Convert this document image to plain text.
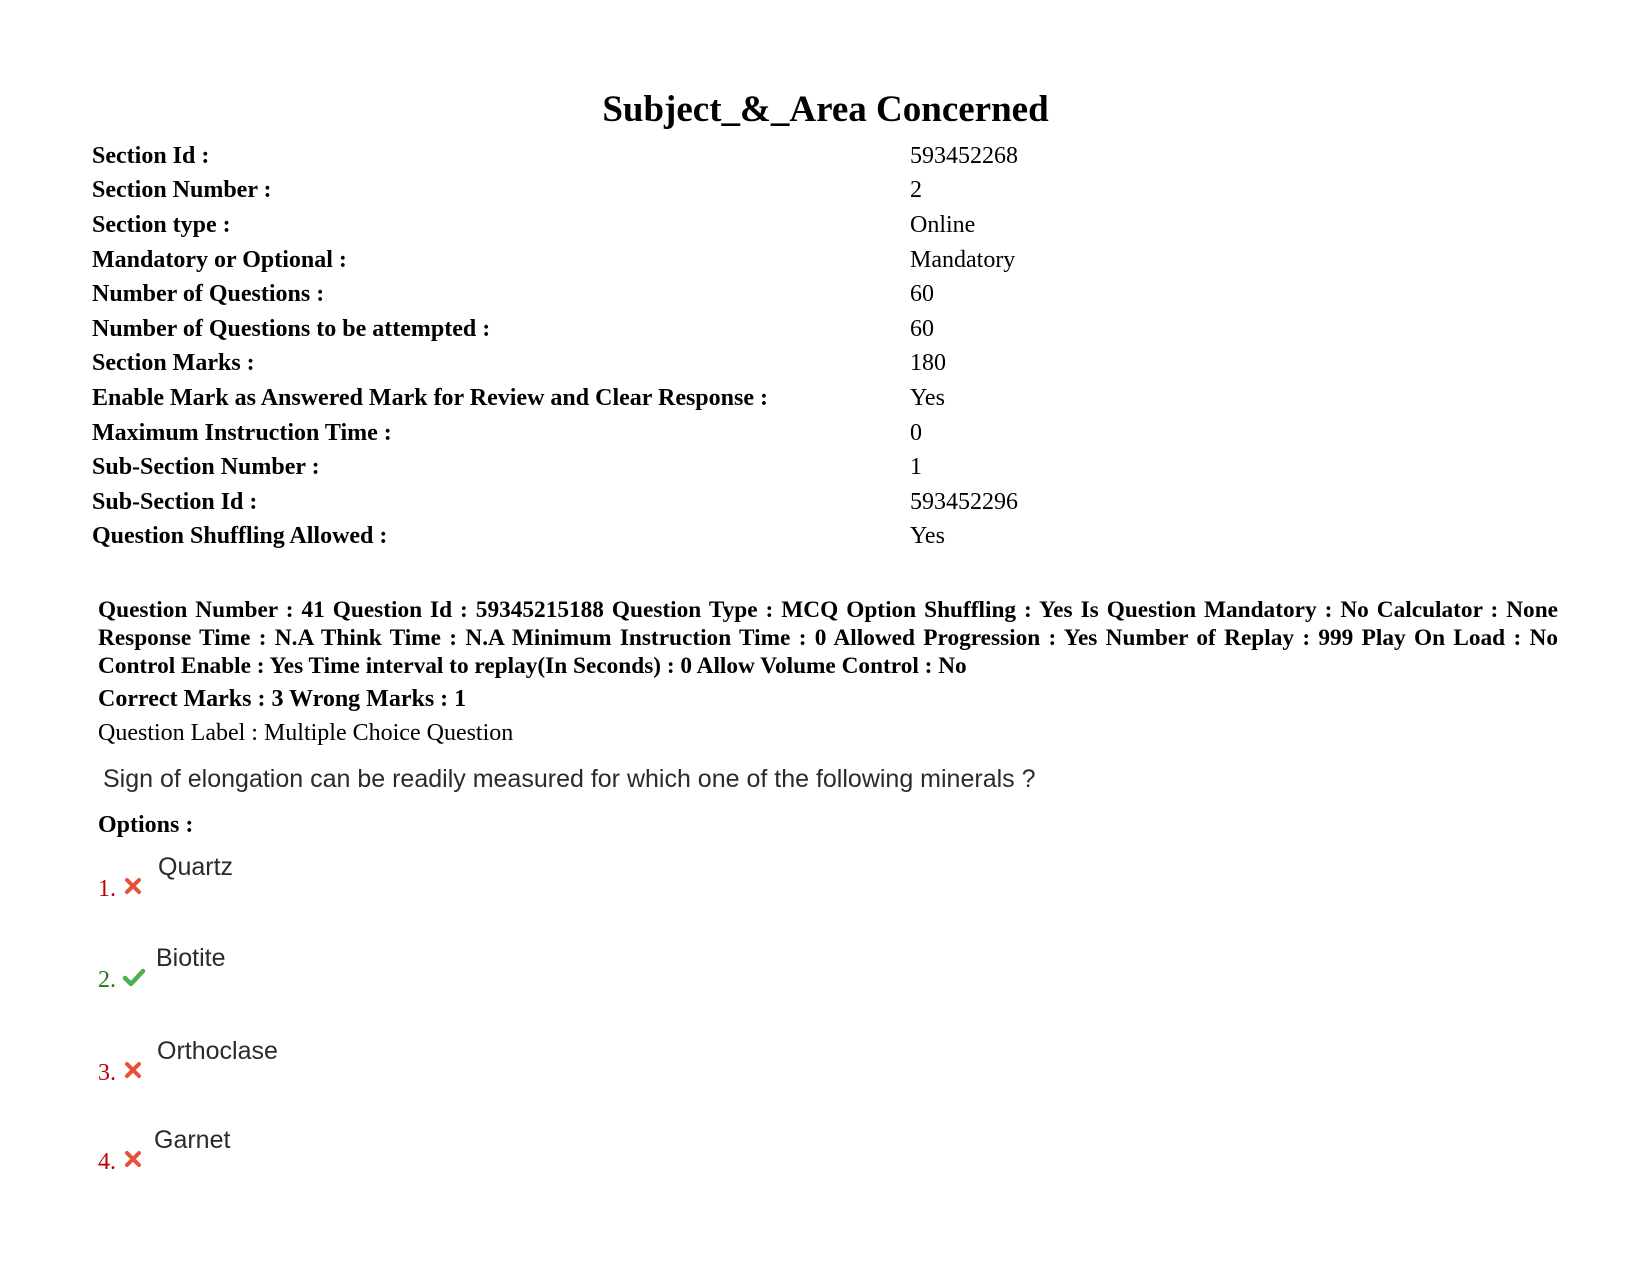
Subject_&_Area Concerned
Section Id :	593452268
Section Number :	2
Section type :	Online
Mandatory or Optional :	Mandatory
Number of Questions :	60
Number of Questions to be attempted :	60
Section Marks :	180
Enable Mark as Answered Mark for Review and Clear Response :	Yes
Maximum Instruction Time :	0
Sub-Section Number :	1
Sub-Section Id :	593452296
Question Shuffling Allowed :	Yes

Question Number : 41 Question Id : 59345215188 Question Type : MCQ Option Shuffling : Yes Is Question Mandatory : No Calculator : None Response Time : N.A Think Time : N.A Minimum Instruction Time : 0 Allowed Progression : Yes Number of Replay : 999 Play On Load : No Control Enable : Yes Time interval to replay(In Seconds) : 0 Allow Volume Control : No

Correct Marks : 3 Wrong Marks : 1

Question Label : Multiple Choice Question

Sign of elongation can be readily measured for which one of the following minerals ?

Options :

1.
Quartz
2.
Biotite
3.
Orthoclase
4.
Garnet
